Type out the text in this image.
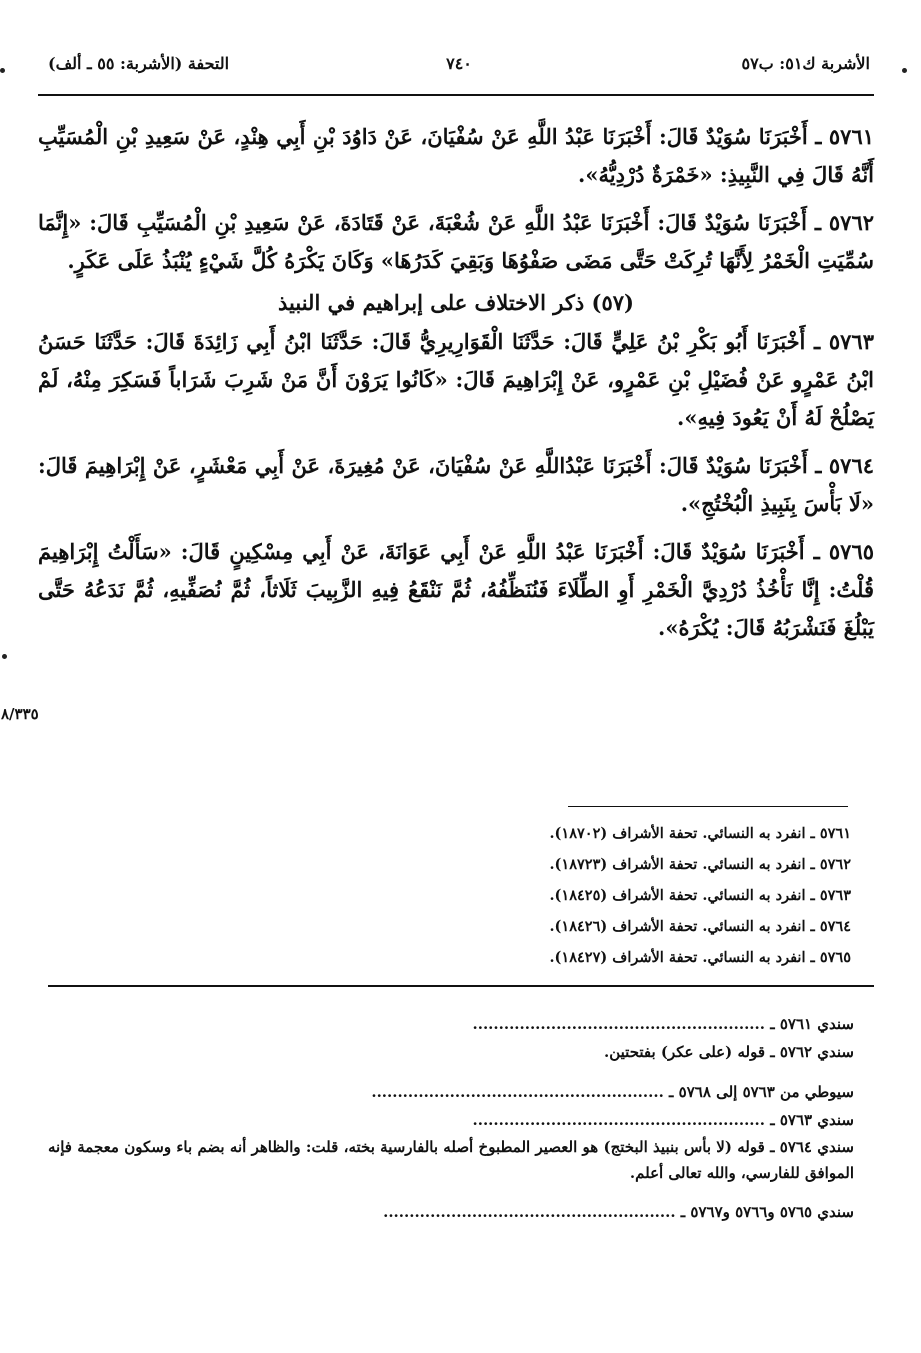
الأشربة ك٥١: ب٥٧
٧٤٠
التحفة (الأشربة: ٥٥ ـ ألف)

٥٧٦١ ـ أَخْبَرَنَا سُوَيْدٌ قَالَ: أَخْبَرَنَا عَبْدُ اللَّهِ عَنْ سُفْيَانَ، عَنْ دَاوُدَ بْنِ أَبِي هِنْدٍ، عَنْ سَعِيدِ بْنِ الْمُسَيِّبِ أَنَّهُ قَالَ فِي النَّبِيذِ: «خَمْرَةٌ دُرْدِيُّهُ».

٥٧٦٢ ـ أَخْبَرَنَا سُوَيْدٌ قَالَ: أَخْبَرَنَا عَبْدُ اللَّهِ عَنْ شُعْبَةَ، عَنْ قَتَادَةَ، عَنْ سَعِيدِ بْنِ الْمُسَيِّبِ قَالَ: «إِنَّمَا سُمِّيَتِ الْخَمْرُ لِأَنَّهَا تُرِكَتْ حَتَّى مَضَى صَفْوُهَا وَبَقِيَ كَدَرُهَا» وَكَانَ يَكْرَهُ كُلَّ شَيْءٍ يُنْبَذُ عَلَى عَكَرٍ.

(٥٧) ذكر الاختلاف على إبراهيم في النبيذ

٥٧٦٣ ـ أَخْبَرَنَا أَبُو بَكْرِ بْنُ عَلِيٍّ قَالَ: حَدَّثَنَا الْقَوَارِيرِيُّ قَالَ: حَدَّثَنَا ابْنُ أَبِي زَائِدَةَ قَالَ: حَدَّثَنَا حَسَنُ ابْنُ عَمْرٍو عَنْ فُضَيْلِ بْنِ عَمْرٍو، عَنْ إِبْرَاهِيمَ قَالَ: «كَانُوا يَرَوْنَ أَنَّ مَنْ شَرِبَ شَرَاباً فَسَكِرَ مِنْهُ، لَمْ يَصْلُحْ لَهُ أَنْ يَعُودَ فِيهِ».

٥٧٦٤ ـ أَخْبَرَنَا سُوَيْدٌ قَالَ: أَخْبَرَنَا عَبْدُاللَّهِ عَنْ سُفْيَانَ، عَنْ مُغِيرَةَ، عَنْ أَبِي مَعْشَرٍ، عَنْ إِبْرَاهِيمَ قَالَ: «لَا بَأْسَ بِنَبِيذِ الْبُخْتُجِ».

٥٧٦٥ ـ أَخْبَرَنَا سُوَيْدٌ قَالَ: أَخْبَرَنَا عَبْدُ اللَّهِ عَنْ أَبِي عَوَانَةَ، عَنْ أَبِي مِسْكِينٍ قَالَ: «سَأَلْتُ إِبْرَاهِيمَ قُلْتُ: إِنَّا نَأْخُذُ دُرْدِيَّ الْخَمْرِ أَوِ الطِّلَاءَ فَنُنَظِّفُهُ، ثُمَّ نَنْقَعُ فِيهِ الزَّبِيبَ ثَلَاثاً، ثُمَّ نُصَفِّيهِ، ثُمَّ نَدَعُهُ حَتَّى يَبْلُغَ فَنَشْرَبُهُ قَالَ: يُكْرَهُ».

٨/٣٣٥
٥٧٦١ ـ انفرد به النسائي. تحفة الأشراف (١٨٧٠٢).
٥٧٦٢ ـ انفرد به النسائي. تحفة الأشراف (١٨٧٢٣).
٥٧٦٣ ـ انفرد به النسائي. تحفة الأشراف (١٨٤٢٥).
٥٧٦٤ ـ انفرد به النسائي. تحفة الأشراف (١٨٤٢٦).
٥٧٦٥ ـ انفرد به النسائي. تحفة الأشراف (١٨٤٢٧).
سندي ٥٧٦١ ـ ........................................................
سندي ٥٧٦٢ ـ قوله (على عكر) بفتحتين.
سيوطي من ٥٧٦٣ إلى ٥٧٦٨ ـ ........................................................
سندي ٥٧٦٣ ـ ........................................................
سندي ٥٧٦٤ ـ قوله (لا بأس بنبيذ البختج) هو العصير المطبوخ أصله بالفارسية بخته، قلت: والظاهر أنه بضم باء وسكون معجمة فإنه الموافق للفارسي، والله تعالى أعلم.
سندي ٥٧٦٥ و٥٧٦٦ و٥٧٦٧ ـ ........................................................
